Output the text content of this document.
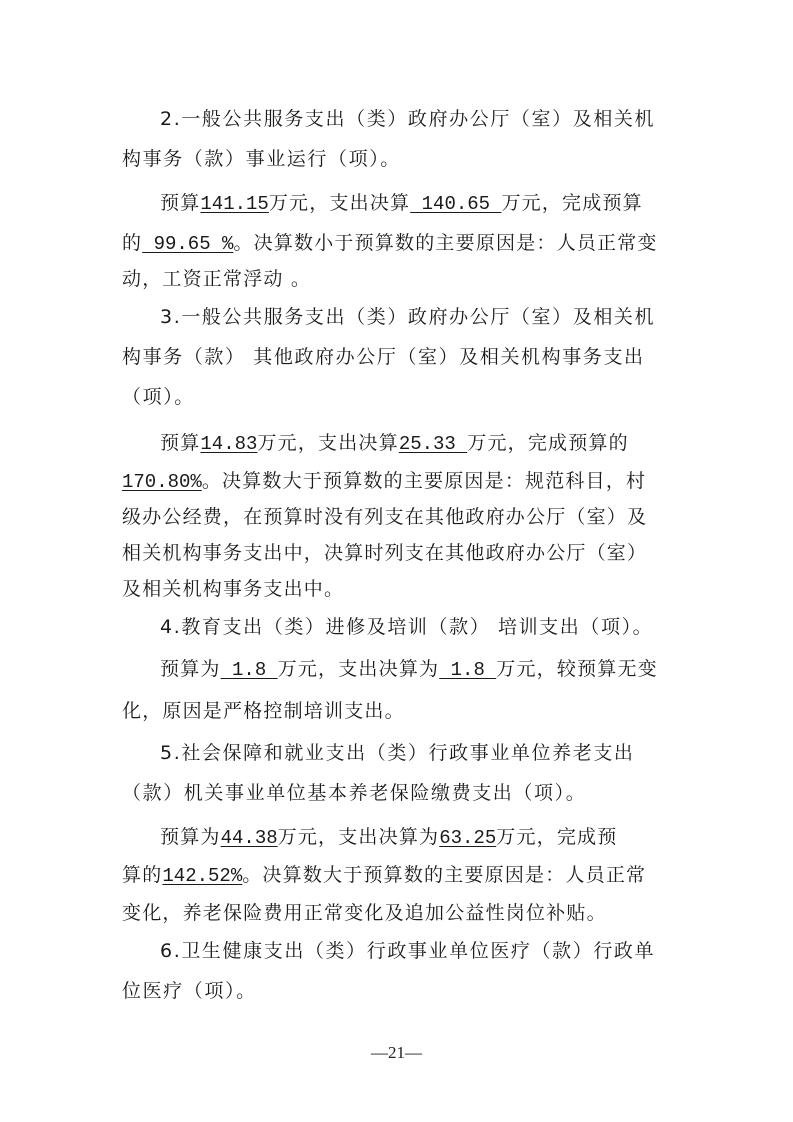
2.一般公共服务支出（类）政府办公厅（室）及相关机
构事务（款）事业运行（项）。
预算141.15万元，支出决算 140.65 万元，完成预算
的 99.65 %。决算数小于预算数的主要原因是：人员正常变
动，工资正常浮动 。
3.一般公共服务支出（类）政府办公厅（室）及相关机
构事务（款） 其他政府办公厅（室）及相关机构事务支出
（项）。
预算14.83万元，支出决算25.33 万元，完成预算的
170.80%。决算数大于预算数的主要原因是：规范科目，村
级办公经费，在预算时没有列支在其他政府办公厅（室）及
相关机构事务支出中，决算时列支在其他政府办公厅（室）
及相关机构事务支出中。
4.教育支出（类）进修及培训（款） 培训支出（项）。
预算为 1.8 万元，支出决算为 1.8 万元，较预算无变
化，原因是严格控制培训支出。
5.社会保障和就业支出（类）行政事业单位养老支出
（款）机关事业单位基本养老保险缴费支出（项）。
预算为44.38万元，支出决算为63.25万元，完成预
算的142.52%。决算数大于预算数的主要原因是：人员正常
变化，养老保险费用正常变化及追加公益性岗位补贴。
6.卫生健康支出（类）行政事业单位医疗（款）行政单
位医疗（项）。
—21—
